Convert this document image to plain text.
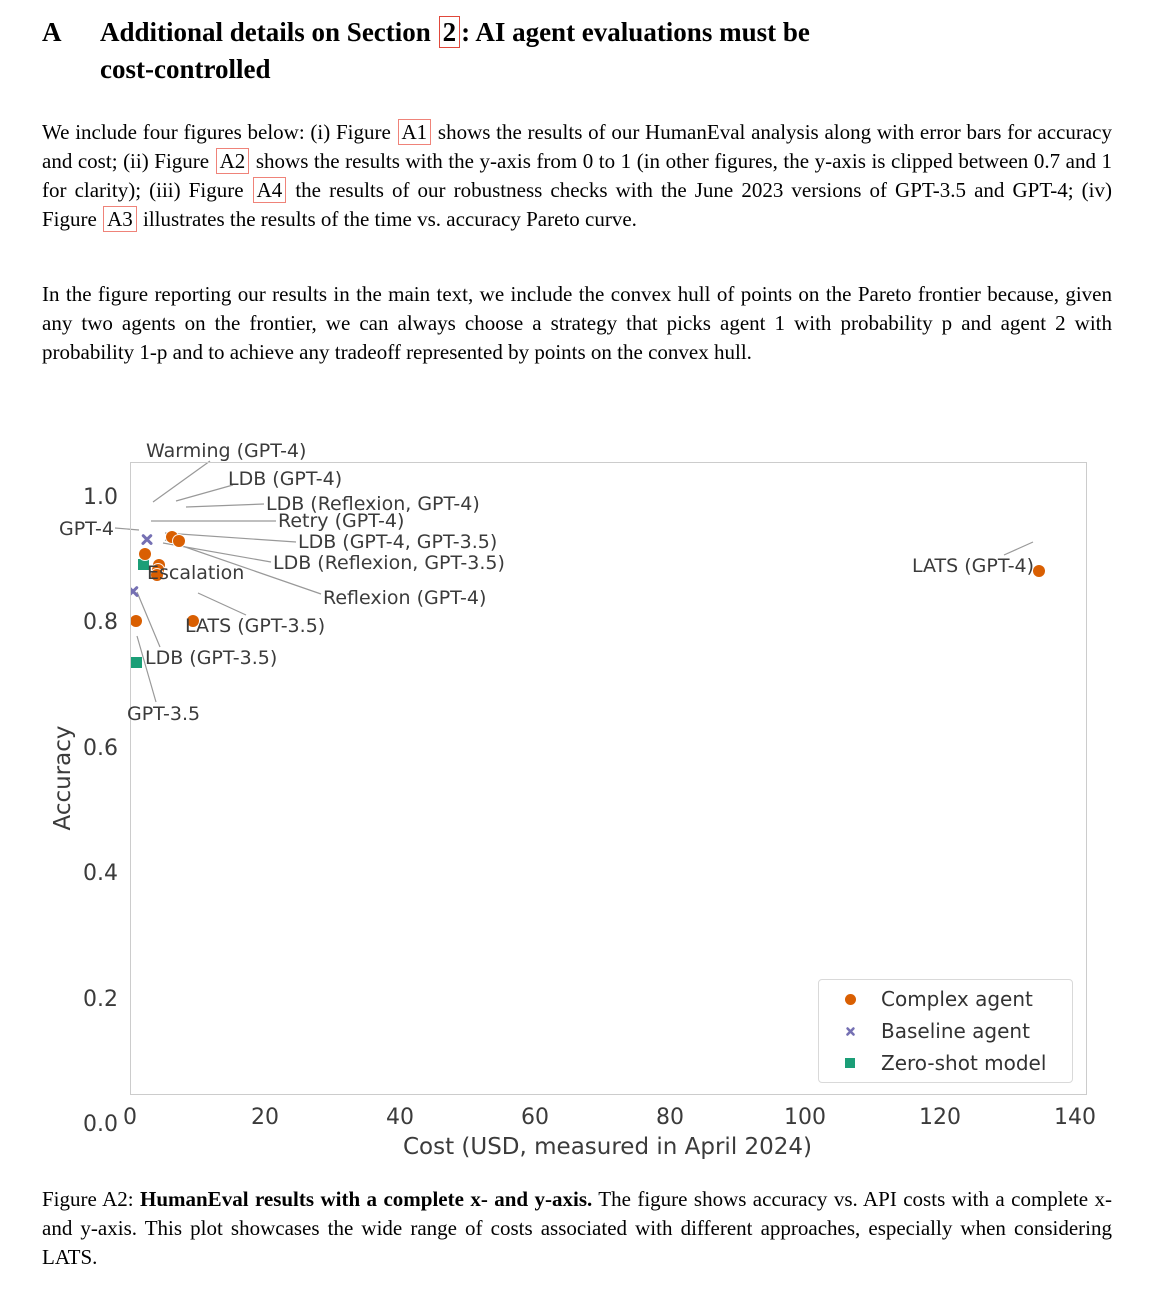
A	Additional details on Section 2 : AI agent evaluations must be
cost-controlled
We include four figures below: (i) Figure A1 shows the results of our HumanEval analysis along with error bars for accuracy and cost; (ii) Figure A2 shows the results with the y-axis from 0 to 1 (in other figures, the y-axis is clipped between 0.7 and 1 for clarity); (iii) Figure A4 the results of our robustness checks with the June 2023 versions of GPT-3.5 and GPT-4; (iv) Figure A3 illustrates the results of the time vs. accuracy Pareto curve.
In the figure reporting our results in the main text, we include the convex hull of points on the Pareto frontier because, given any two agents on the frontier, we can always choose a strategy that picks agent 1 with probability p and agent 2 with probability 1-p and to achieve any tradeoff represented by points on the convex hull.
Cost (USD, measured in April 2024)
Accuracy
Complex agent
Baseline agent
Zero-shot model
0	20	40	60	80	100	120	140
1.0
0.8
0.6
0.4
0.2
0.0
Warming (GPT-4)
LDB (GPT-4)
LDB (Reflexion, GPT-4)
Retry (GPT-4)
LDB (GPT-4, GPT-3.5)
LDB (Reflexion, GPT-3.5)
Escalation
Reflexion (GPT-4)
LATS (GPT-3.5)
LDB (GPT-3.5)
GPT-3.5
GPT-4
LATS (GPT-4)
Figure A2: HumanEval results with a complete x- and y-axis. The figure shows accuracy vs. API costs with a complete x- and y-axis. This plot showcases the wide range of costs associated with different approaches, especially when considering LATS.
